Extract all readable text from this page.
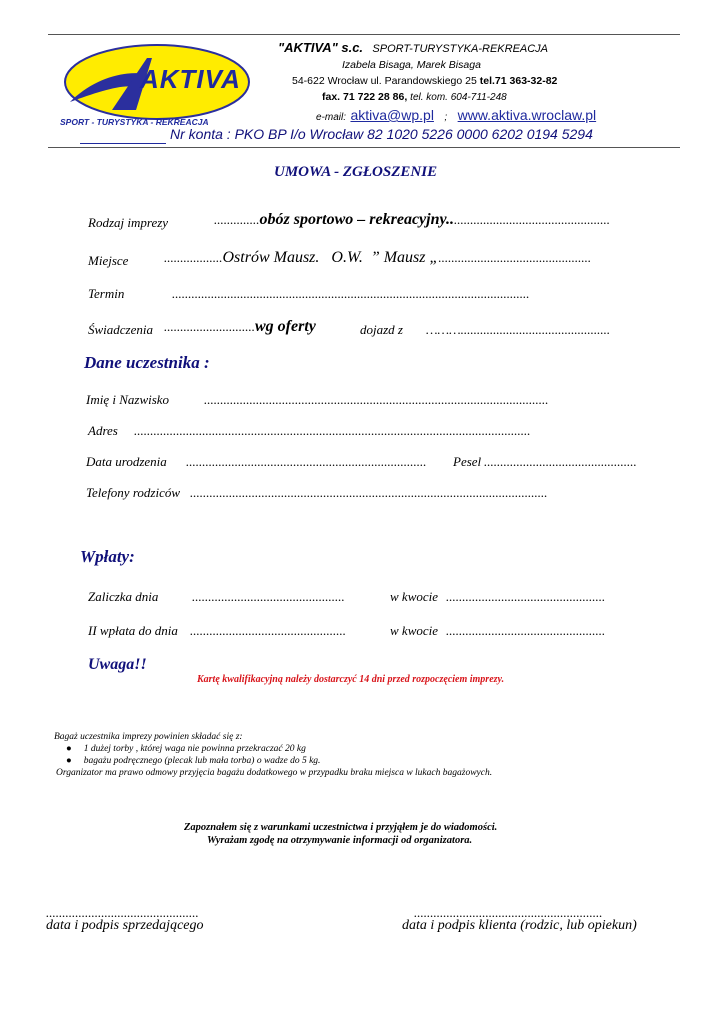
AKTIVA
SPORT - TURYSTYKA - REKREACJA
"AKTIVA" s.c. SPORT-TURYSTYKA-REKREACJA
Izabela Bisaga, Marek Bisaga
54-622 Wrocław ul. Parandowskiego 25 tel.71 363-32-82
fax. 71 722 28 86, tel. kom. 604-711-248
e-mail: aktiva@wp.pl ; www.aktiva.wroclaw.pl
Nr konta : PKO BP I/o Wrocław 82 1020 5226 0000 6202 0194 5294
UMOWA - ZGŁOSZENIE
Rodzaj imprezy	..............obóz sportowo – rekreacyjny..................................................
Miejsce	..................Ostrów Mausz.   O.W.  ” Mausz „...............................................
Termin	..............................................................................................................
Świadczenia ............................wg oferty	dojazd z ………..............................................
Dane uczestnika :
Imię i Nazwisko	..........................................................................................................
Adres ..........................................................................................................................
Data urodzenia .......................................................................... Pesel ...............................................
Telefony rodziców ..............................................................................................................
Wpłaty:
Zaliczka dnia	...............................................	w kwocie .................................................
II wpłata do dnia ................................................	w kwocie .................................................
Uwaga!!
Kartę kwalifikacyjną należy dostarczyć 14 dni przed rozpoczęciem imprezy.
Bagaż uczestnika imprezy powinien składać się z:
● 1 dużej torby , której waga nie powinna przekraczać 20 kg
● bagażu podręcznego (plecak lub mała torba) o wadze do 5 kg.
Organizator ma prawo odmowy przyjęcia bagażu dodatkowego w przypadku braku miejsca w lukach bagażowych.
Zapoznałem się z warunkami uczestnictwa i przyjąłem je do wiadomości.
Wyrażam zgodę na otrzymywanie informacji od organizatora.
...............................................
data i podpis sprzedającego
..........................................................
data i podpis klienta (rodzic, lub opiekun)
